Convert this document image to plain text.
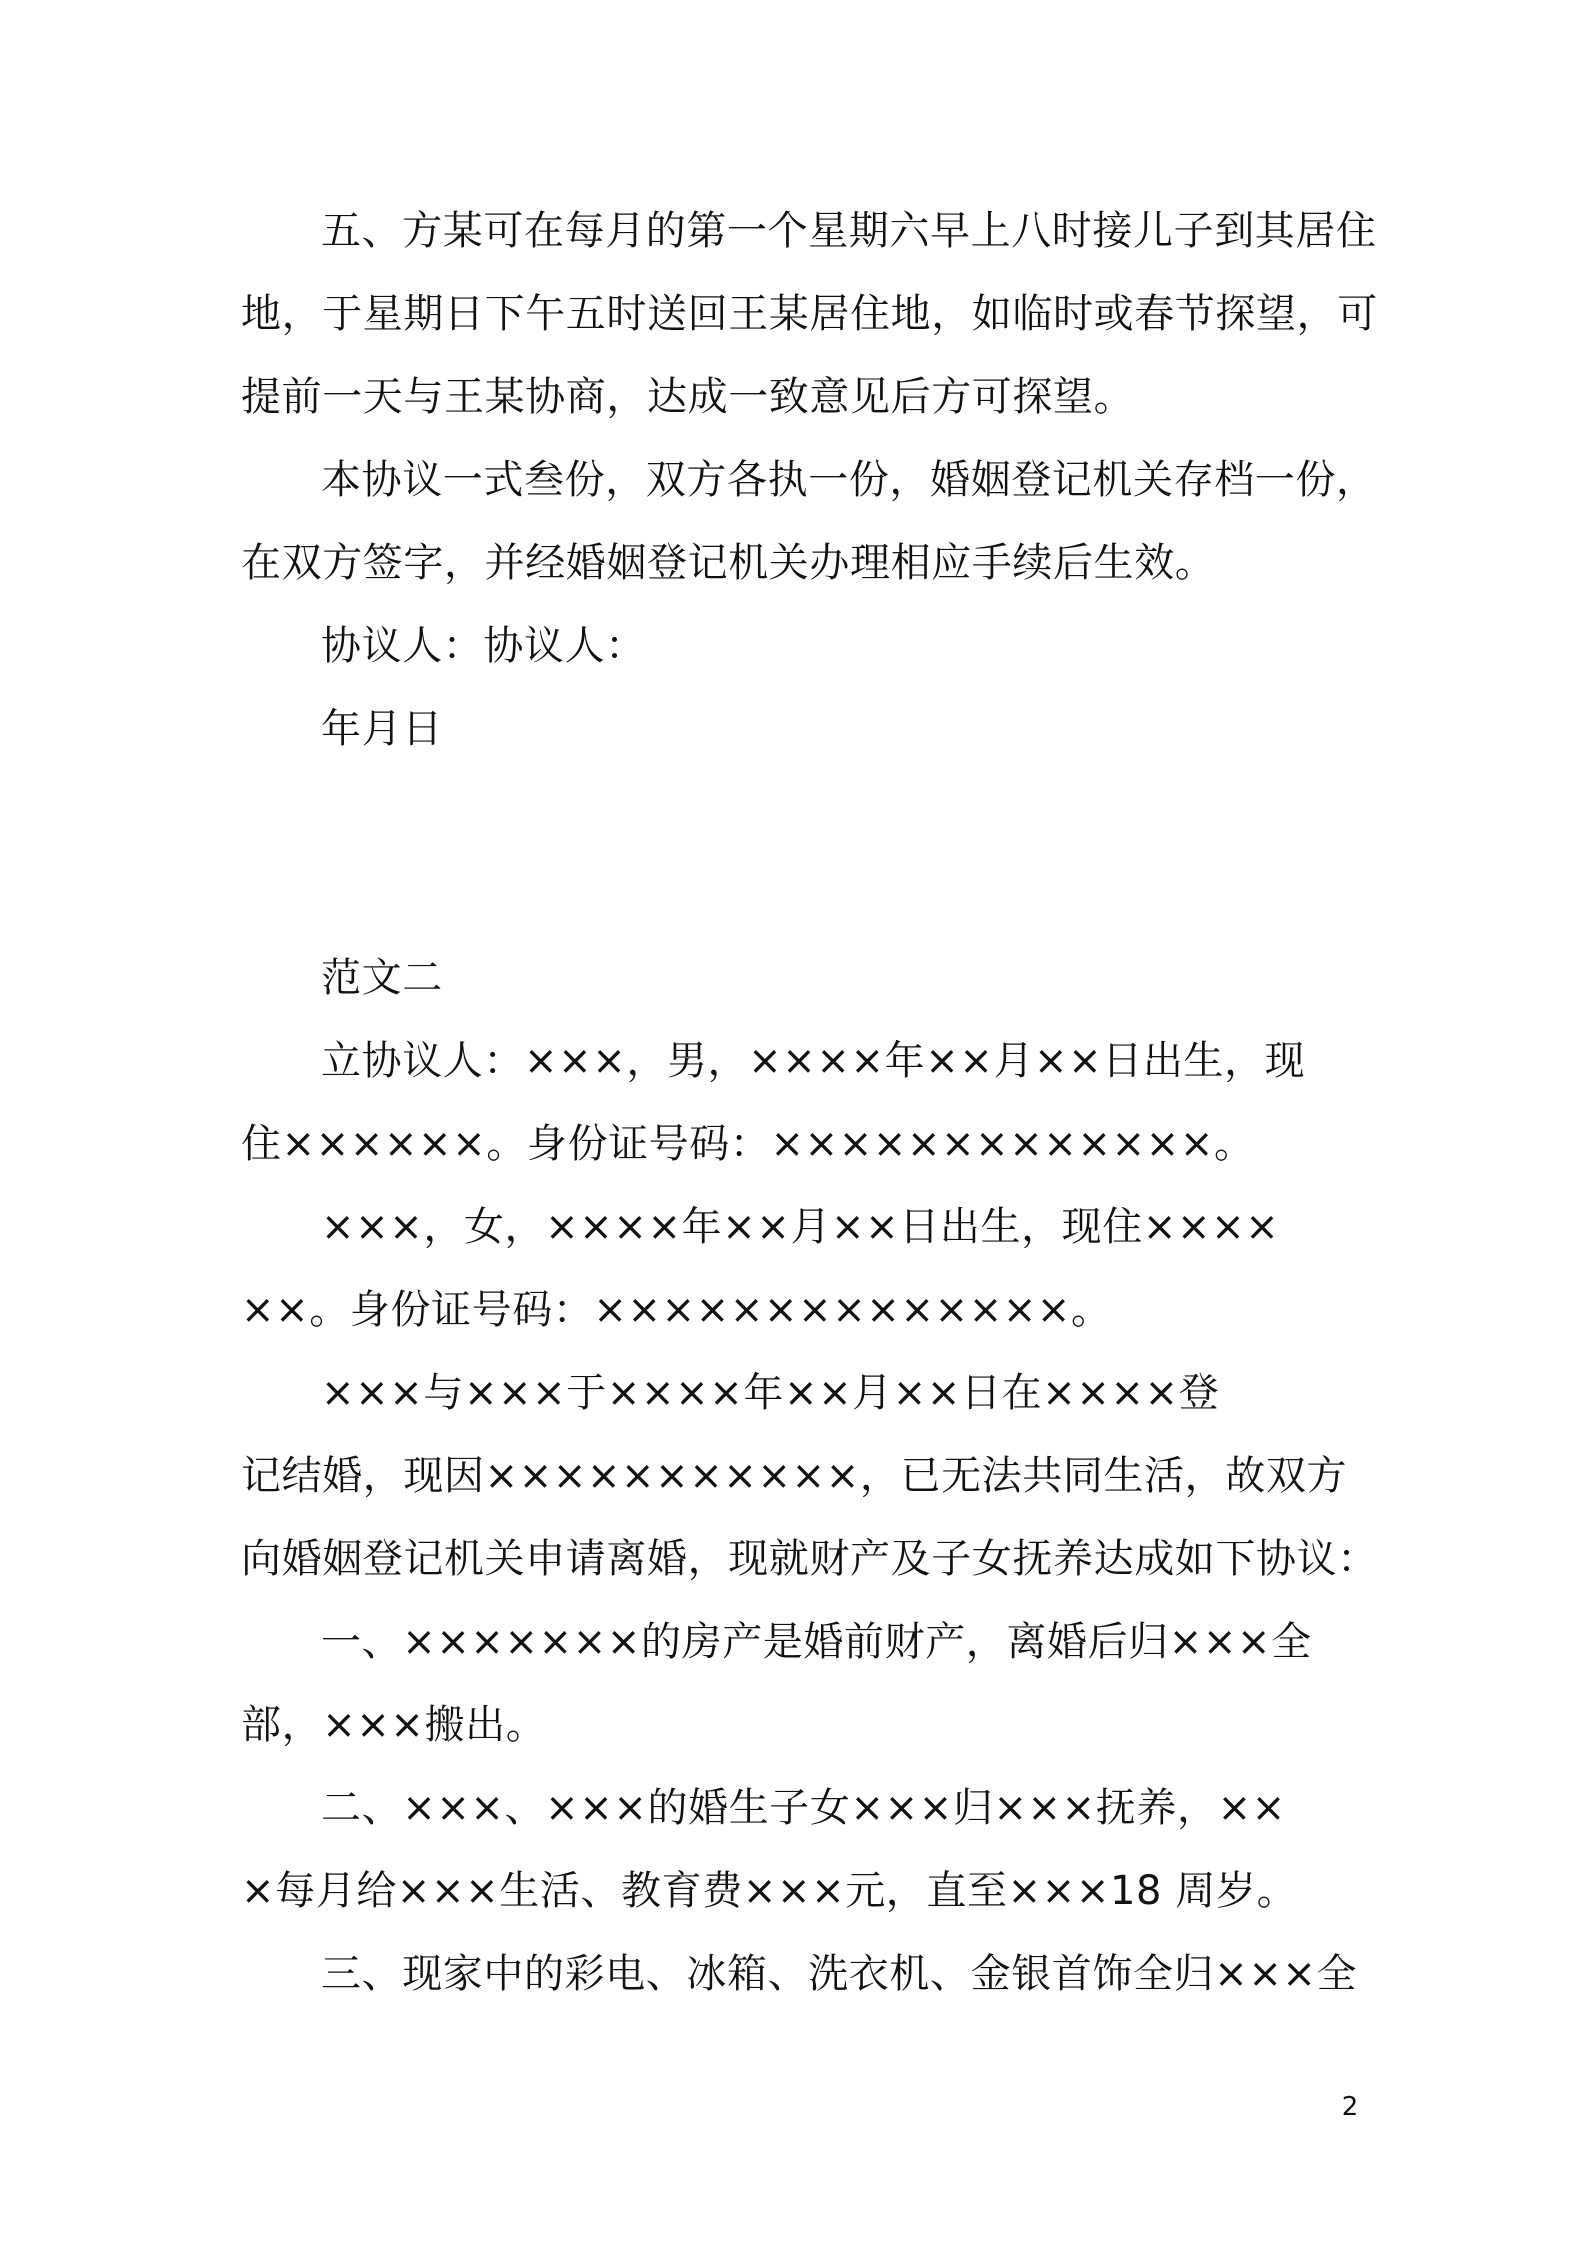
五、方某可在每月的第一个星期六早上八时接儿子到其居住
地，于星期日下午五时送回王某居住地，如临时或春节探望，可
提前一天与王某协商，达成一致意见后方可探望。

本协议一式叁份，双方各执一份，婚姻登记机关存档一份，
在双方签字，并经婚姻登记机关办理相应手续后生效。

协议人：协议人：

年月日

范文二

立协议人：×××，男，××××年××月××日出生，现
住××××××。身份证号码：×××××××××××××。

×××，女，××××年××月××日出生，现住××××
××。身份证号码：××××××××××××××。

×××与×××于××××年××月××日在××××登
记结婚，现因×××××××××××，已无法共同生活，故双方
向婚姻登记机关申请离婚，现就财产及子女抚养达成如下协议：

一、×××××××的房产是婚前财产，离婚后归×××全
部，×××搬出。

二、×××、×××的婚生子女×××归×××抚养，××
×每月给×××生活、教育费×××元，直至×××18 周岁。

三、现家中的彩电、冰箱、洗衣机、金银首饰全归×××全

2
